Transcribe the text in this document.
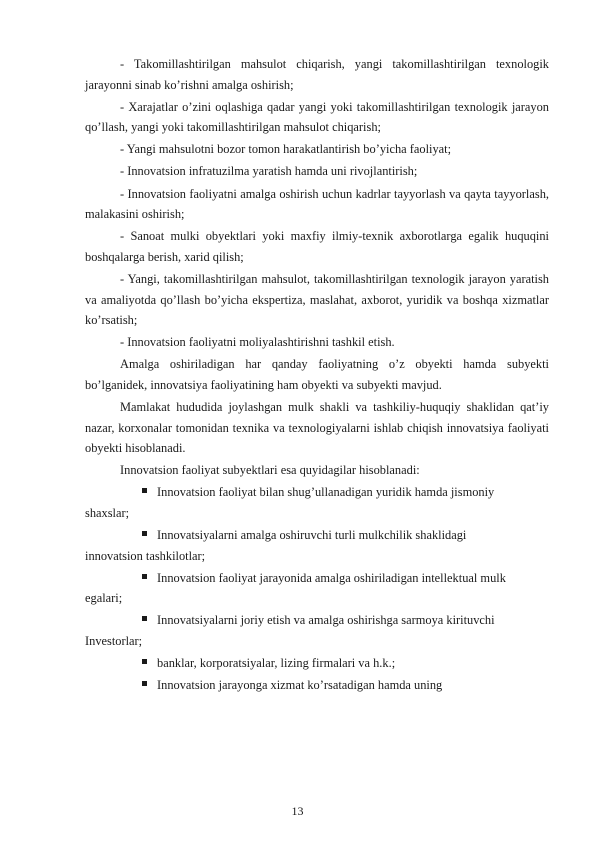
- Takomillashtirilgan mahsulot chiqarish, yangi takomillashtirilgan texnologik jarayonni sinab ko’rishni amalga oshirish;

- Xarajatlar o’zini oqlashiga qadar yangi yoki takomillashtirilgan texnologik jarayon qo’llash, yangi yoki takomillashtirilgan mahsulot chiqarish;

- Yangi mahsulotni bozor tomon harakatlantirish bo’yicha faoliyat;

- Innovatsion infratuzilma yaratish hamda uni rivojlantirish;

- Innovatsion faoliyatni amalga oshirish uchun kadrlar tayyorlash va qayta tayyorlash, malakasini oshirish;

- Sanoat mulki obyektlari yoki maxfiy ilmiy-texnik axborotlarga egalik huquqini boshqalarga berish, xarid qilish;

- Yangi, takomillashtirilgan mahsulot, takomillashtirilgan texnologik jarayon yaratish va amaliyotda qo’llash bo’yicha ekspertiza, maslahat, axborot, yuridik va boshqa xizmatlar ko’rsatish;

- Innovatsion faoliyatni moliyalashtirishni tashkil etish.

Amalga oshiriladigan har qanday faoliyatning o’z obyekti hamda subyekti bo’lganidek, innovatsiya faoliyatining ham obyekti va subyekti mavjud.

Mamlakat hududida joylashgan mulk shakli va tashkiliy-huquqiy shaklidan qat’iy nazar, korxonalar tomonidan texnika va texnologiyalarni ishlab chiqish innovatsiya faoliyati obyekti hisoblanadi.

Innovatsion faoliyat subyektlari esa quyidagilar hisoblanadi:

Innovatsion faoliyat bilan shug’ullanadigan yuridik hamda jismoniy
shaxslar;
Innovatsiyalarni amalga oshiruvchi turli mulkchilik shaklidagi
innovatsion tashkilotlar;
Innovatsion faoliyat jarayonida amalga oshiriladigan intellektual mulk
egalari;
Innovatsiyalarni joriy etish va amalga oshirishga sarmoya kirituvchi
Investorlar;
banklar, korporatsiyalar, lizing firmalari va h.k.;
Innovatsion jarayonga xizmat ko’rsatadigan hamda uning
13
